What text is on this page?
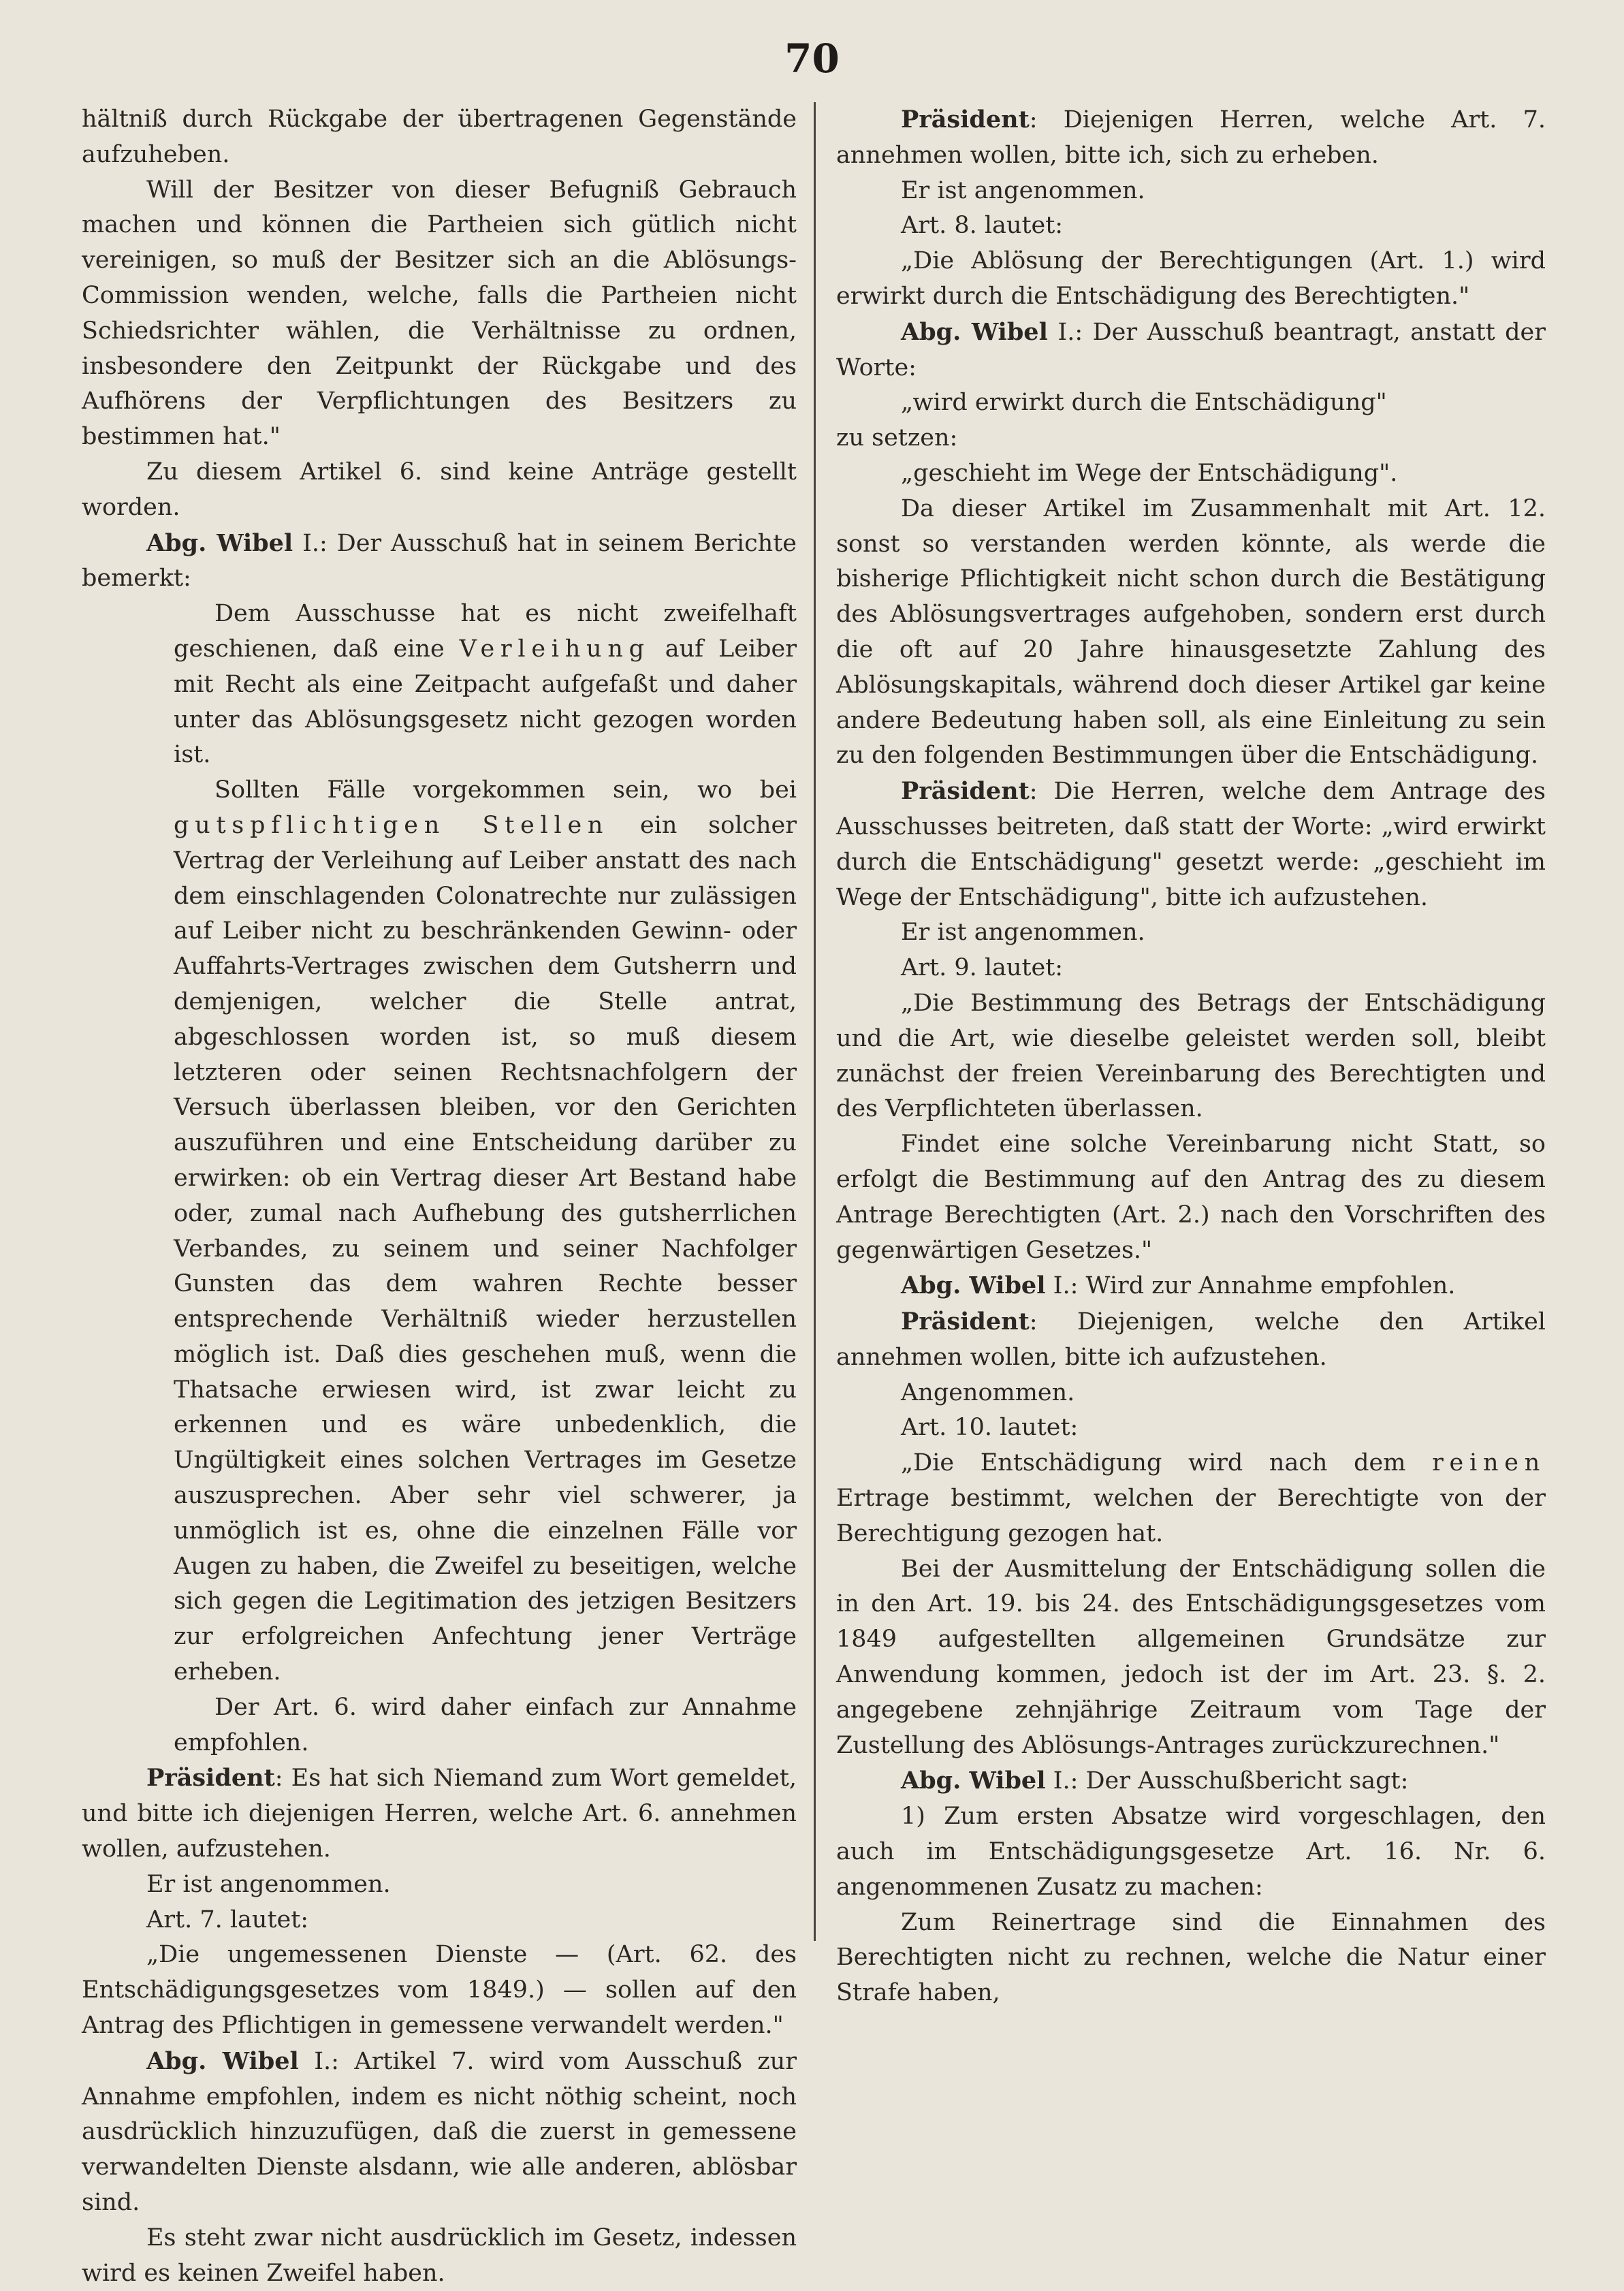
70

hältniß durch Rückgabe der übertragenen Gegenstände aufzuheben.

Will der Besitzer von dieser Befugniß Gebrauch machen und können die Partheien sich gütlich nicht vereinigen, so muß der Besitzer sich an die Ablösungs-Commission wenden, welche, falls die Partheien nicht Schiedsrichter wählen, die Verhältnisse zu ordnen, insbesondere den Zeitpunkt der Rückgabe und des Aufhörens der Verpflichtungen des Besitzers zu bestimmen hat."

Zu diesem Artikel 6. sind keine Anträge gestellt worden.

Abg. Wibel I.: Der Ausschuß hat in seinem Berichte bemerkt:

Dem Ausschusse hat es nicht zweifelhaft geschienen, daß eine Verleihung auf Leiber mit Recht als eine Zeitpacht aufgefaßt und daher unter das Ablösungsgesetz nicht gezogen worden ist.

Sollten Fälle vorgekommen sein, wo bei gutspflichtigen Stellen ein solcher Vertrag der Verleihung auf Leiber anstatt des nach dem einschlagenden Colonatrechte nur zulässigen auf Leiber nicht zu beschränkenden Gewinn- oder Auffahrts-Vertrages zwischen dem Gutsherrn und demjenigen, welcher die Stelle antrat, abgeschlossen worden ist, so muß diesem letzteren oder seinen Rechtsnachfolgern der Versuch überlassen bleiben, vor den Gerichten auszuführen und eine Entscheidung darüber zu erwirken: ob ein Vertrag dieser Art Bestand habe oder, zumal nach Aufhebung des gutsherrlichen Verbandes, zu seinem und seiner Nachfolger Gunsten das dem wahren Rechte besser entsprechende Verhältniß wieder herzustellen möglich ist. Daß dies geschehen muß, wenn die Thatsache erwiesen wird, ist zwar leicht zu erkennen und es wäre unbedenklich, die Ungültigkeit eines solchen Vertrages im Gesetze auszusprechen. Aber sehr viel schwerer, ja unmöglich ist es, ohne die einzelnen Fälle vor Augen zu haben, die Zweifel zu beseitigen, welche sich gegen die Legitimation des jetzigen Besitzers zur erfolgreichen Anfechtung jener Verträge erheben.

Der Art. 6. wird daher einfach zur Annahme empfohlen.

Präsident: Es hat sich Niemand zum Wort gemeldet, und bitte ich diejenigen Herren, welche Art. 6. annehmen wollen, aufzustehen.

Er ist angenommen.

Art. 7. lautet:

„Die ungemessenen Dienste — (Art. 62. des Entschädigungsgesetzes vom 1849.) — sollen auf den Antrag des Pflichtigen in gemessene verwandelt werden."

Abg. Wibel I.: Artikel 7. wird vom Ausschuß zur Annahme empfohlen, indem es nicht nöthig scheint, noch ausdrücklich hinzuzufügen, daß die zuerst in gemessene verwandelten Dienste alsdann, wie alle anderen, ablösbar sind.

Es steht zwar nicht ausdrücklich im Gesetz, indessen wird es keinen Zweifel haben.

Präsident: Diejenigen Herren, welche Art. 7. annehmen wollen, bitte ich, sich zu erheben.

Er ist angenommen.

Art. 8. lautet:

„Die Ablösung der Berechtigungen (Art. 1.) wird erwirkt durch die Entschädigung des Berechtigten."

Abg. Wibel I.: Der Ausschuß beantragt, anstatt der Worte:

„wird erwirkt durch die Entschädigung"

zu setzen:

„geschieht im Wege der Entschädigung".

Da dieser Artikel im Zusammenhalt mit Art. 12. sonst so verstanden werden könnte, als werde die bisherige Pflichtigkeit nicht schon durch die Bestätigung des Ablösungsvertrages aufgehoben, sondern erst durch die oft auf 20 Jahre hinausgesetzte Zahlung des Ablösungskapitals, während doch dieser Artikel gar keine andere Bedeutung haben soll, als eine Einleitung zu sein zu den folgenden Bestimmungen über die Entschädigung.

Präsident: Die Herren, welche dem Antrage des Ausschusses beitreten, daß statt der Worte: „wird erwirkt durch die Entschädigung" gesetzt werde: „geschieht im Wege der Entschädigung", bitte ich aufzustehen.

Er ist angenommen.

Art. 9. lautet:

„Die Bestimmung des Betrags der Entschädigung und die Art, wie dieselbe geleistet werden soll, bleibt zunächst der freien Vereinbarung des Berechtigten und des Verpflichteten überlassen.

Findet eine solche Vereinbarung nicht Statt, so erfolgt die Bestimmung auf den Antrag des zu diesem Antrage Berechtigten (Art. 2.) nach den Vorschriften des gegenwärtigen Gesetzes."

Abg. Wibel I.: Wird zur Annahme empfohlen.

Präsident: Diejenigen, welche den Artikel annehmen wollen, bitte ich aufzustehen.

Angenommen.

Art. 10. lautet:

„Die Entschädigung wird nach dem reinen Ertrage bestimmt, welchen der Berechtigte von der Berechtigung gezogen hat.

Bei der Ausmittelung der Entschädigung sollen die in den Art. 19. bis 24. des Entschädigungsgesetzes vom 1849 aufgestellten allgemeinen Grundsätze zur Anwendung kommen, jedoch ist der im Art. 23. §. 2. angegebene zehnjährige Zeitraum vom Tage der Zustellung des Ablösungs-Antrages zurückzurechnen."

Abg. Wibel I.: Der Ausschußbericht sagt:

1) Zum ersten Absatze wird vorgeschlagen, den auch im Entschädigungsgesetze Art. 16. Nr. 6. angenommenen Zusatz zu machen:

Zum Reinertrage sind die Einnahmen des Berechtigten nicht zu rechnen, welche die Natur einer Strafe haben,
